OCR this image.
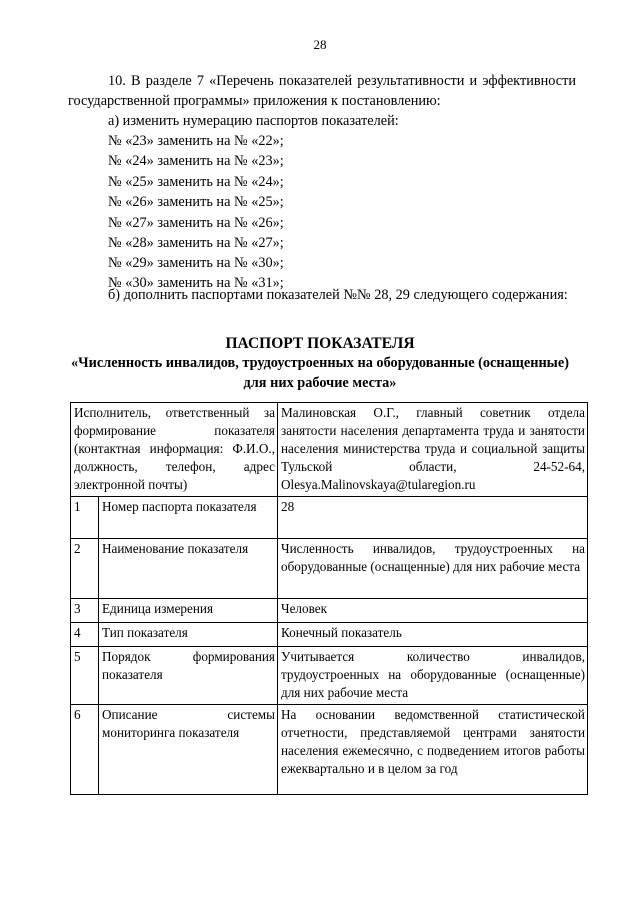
28
10. В разделе 7 «Перечень показателей результативности и эффективности государственной программы» приложения к постановлению:
а) изменить нумерацию паспортов показателей:
№ «23» заменить на № «22»;
№ «24» заменить на № «23»;
№ «25» заменить на № «24»;
№ «26» заменить на № «25»;
№ «27» заменить на № «26»;
№ «28» заменить на № «27»;
№ «29» заменить на № «30»;
№ «30» заменить на № «31»;
б) дополнить паспортами показателей №№ 28, 29 следующего содержания:
ПАСПОРТ ПОКАЗАТЕЛЯ
«Численность инвалидов, трудоустроенных на оборудованные (оснащенные) для них рабочие места»
Исполнитель, ответственный за формирование показателя (контактная информация: Ф.И.О., должность, телефон, адрес электронной почты)		Малиновская О.Г., главный советник отдела занятости населения департамента труда и занятости населения министерства труда и социальной защиты Тульской области, 24-52-64, Olesya.Malinovskaya@tularegion.ru
1	Номер паспорта показателя	28
2	Наименование показателя	Численность инвалидов, трудоустроенных на оборудованные (оснащенные) для них рабочие места
3	Единица измерения	Человек
4	Тип показателя	Конечный показатель
5	Порядок формирования показателя	Учитывается количество инвалидов, трудоустроенных на оборудованные (оснащенные) для них рабочие места
6	Описание системы мониторинга показателя	На основании ведомственной статистической отчетности, представляемой центрами занятости населения ежемесячно, с подведением итогов работы ежеквартально и в целом за год
